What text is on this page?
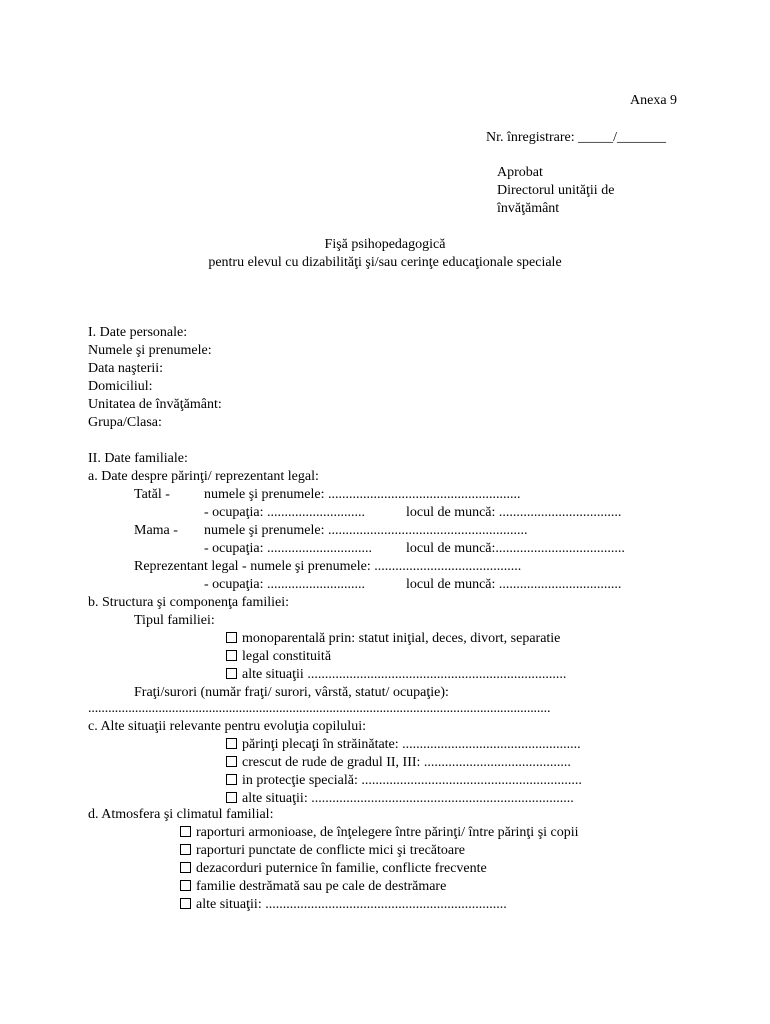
Anexa 9
Nr. înregistrare: _____/_______
Aprobat
Directorul unităţii de
învăţământ
Fişă psihopedagogică
pentru elevul cu dizabilităţi şi/sau cerinţe educaţionale speciale
I. Date personale:
Numele şi prenumele:
Data naşterii:
Domiciliul:
Unitatea de învăţământ:
Grupa/Clasa:
II. Date familiale:
a. Date despre părinţi/ reprezentant legal:
Tatăl - numele şi prenumele: .......................................................
- ocupaţia: ............................	locul de muncă: ...................................
Mama - numele şi prenumele: .........................................................
- ocupaţia: .............................. locul de muncă:.....................................
Reprezentant legal - numele şi prenumele: ..........................................
- ocupaţia: ............................	locul de muncă: ...................................
b. Structura şi componenţa familiei:
Tipul familiei:
monoparentală prin: statut iniţial, deces, divort, separatie
legal constituită
alte situaţii ..........................................................................
Fraţi/surori (număr fraţi/ surori, vârstă, statut/ ocupaţie):
..........................................................................................................................................
c. Alte situaţii relevante pentru evoluţia copilului:
părinţi plecaţi în străinătate: ...................................................
crescut de rude de gradul II, III: ..........................................
in protecţie specială: ...............................................................
alte situaţii: ...........................................................................
d. Atmosfera şi climatul familial:
raporturi armonioase, de înţelegere între părinţi/ între părinţi şi copii
raporturi punctate de conflicte mici şi trecătoare
dezacorduri puternice în familie, conflicte frecvente
familie destrămată sau pe cale de destrămare
alte situaţii: .....................................................................
